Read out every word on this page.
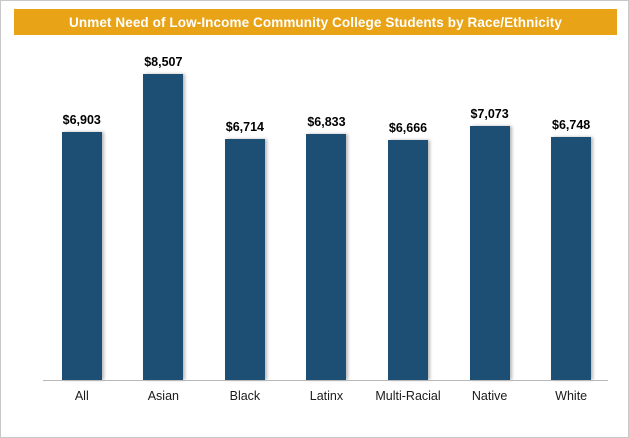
Unmet Need of Low-Income Community College Students by Race/Ethnicity
$6,903
$8,507
$6,714	$6,833	$6,666
$7,073
$6,748
All	Asian	Black	Latinx	Multi-Racial	Native	White
